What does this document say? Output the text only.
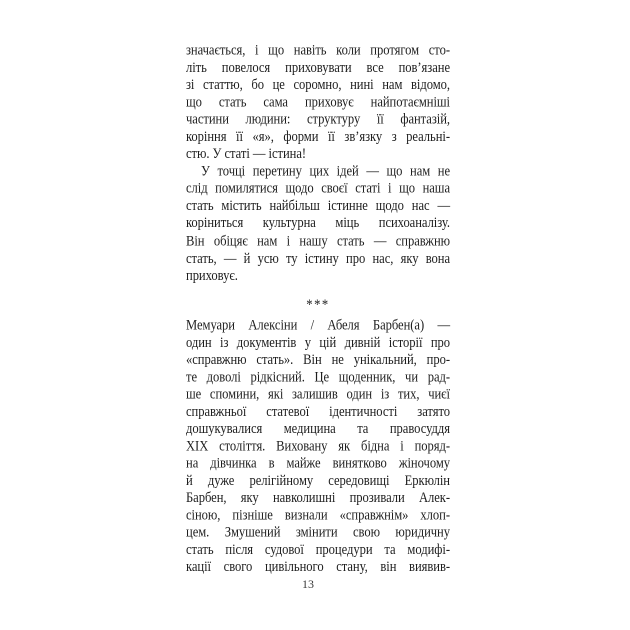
значається, і що навіть коли протягом сто-
літь повелося приховувати все пов’язане
зі статтю, бо це соромно, нині нам відомо,
що стать сама приховує найпотаємніші
частини людини: структуру її фантазій,
коріння її «я», форми її зв’язку з реальні-
стю. У статі — істина!
У точці перетину цих ідей — що нам не
слід помилятися щодо своєї статі і що наша
стать містить найбільш істинне щодо нас —
коріниться культурна міць психоаналізу.
Він обіцяє нам і нашу стать — справжню
стать, — й усю ту істину про нас, яку вона
приховує.
***
Мемуари Алексіни / Абеля Барбен(а) —
один із документів у цій дивній історії про
«справжню стать». Він не унікальний, про-
те доволі рідкісний. Це щоденник, чи рад-
ше спомини, які залишив один із тих, чиєї
справжньої статевої ідентичності затято
дошукувалися медицина та правосуддя
ХІХ століття. Виховану як бідна і поряд-
на дівчинка в майже винятково жіночому
й дуже релігійному середовищі Еркюлін
Барбен, яку навколишні прозивали Алек-
сіною, пізніше визнали «справжнім» хлоп-
цем. Змушений змінити свою юридичну
стать після судової процедури та модифі-
кації свого цивільного стану, він виявив-
13
